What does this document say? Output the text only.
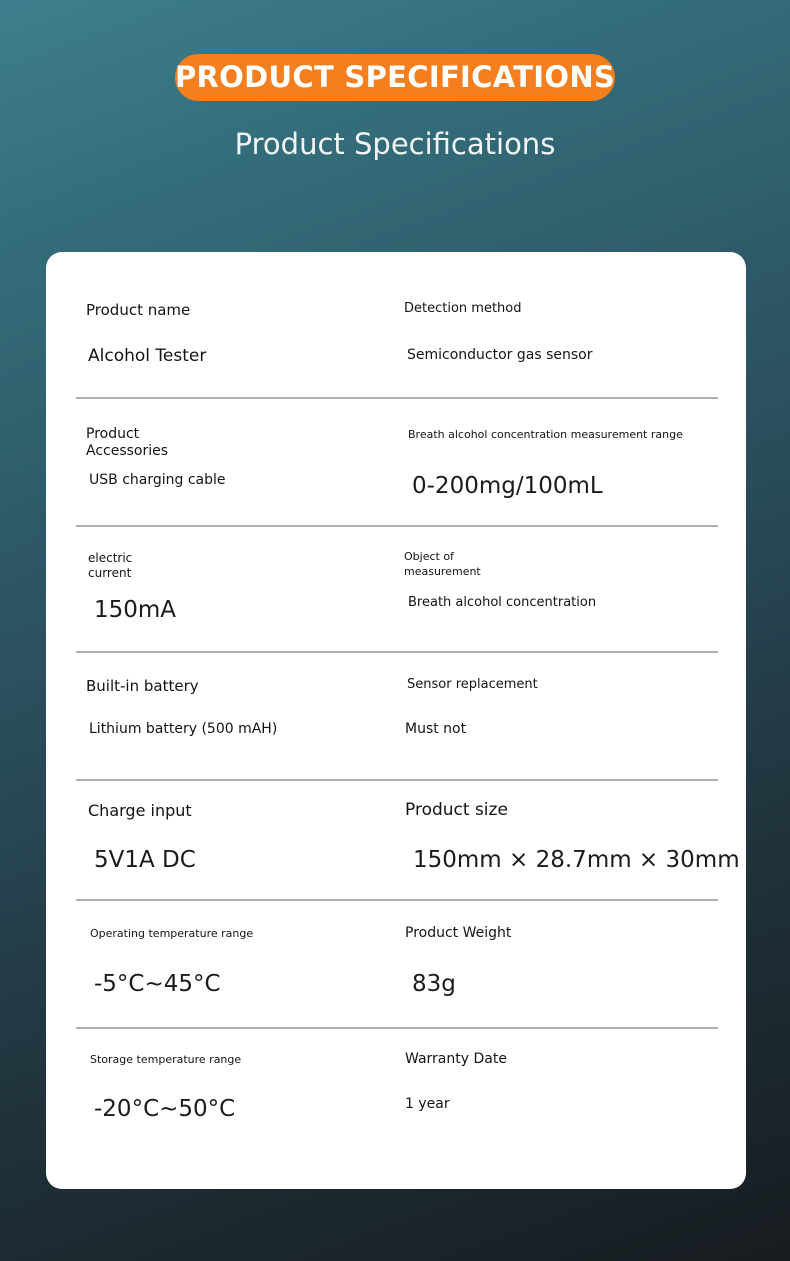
PRODUCT SPECIFICATIONS
Product Specifications
Product name
Alcohol Tester
Detection method
Semiconductor gas sensor
Product
Accessories
USB charging cable
Breath alcohol concentration measurement range
0-200mg/100mL
electric
current
150mA
Object of
measurement
Breath alcohol concentration
Built-in battery
Lithium battery (500 mAH)
Sensor replacement
Must not
Charge input
5V1A DC
Product size
150mm × 28.7mm × 30mm
Operating temperature range
-5°C~45°C
Product Weight
83g
Storage temperature range
-20°C~50°C
Warranty Date
1 year
